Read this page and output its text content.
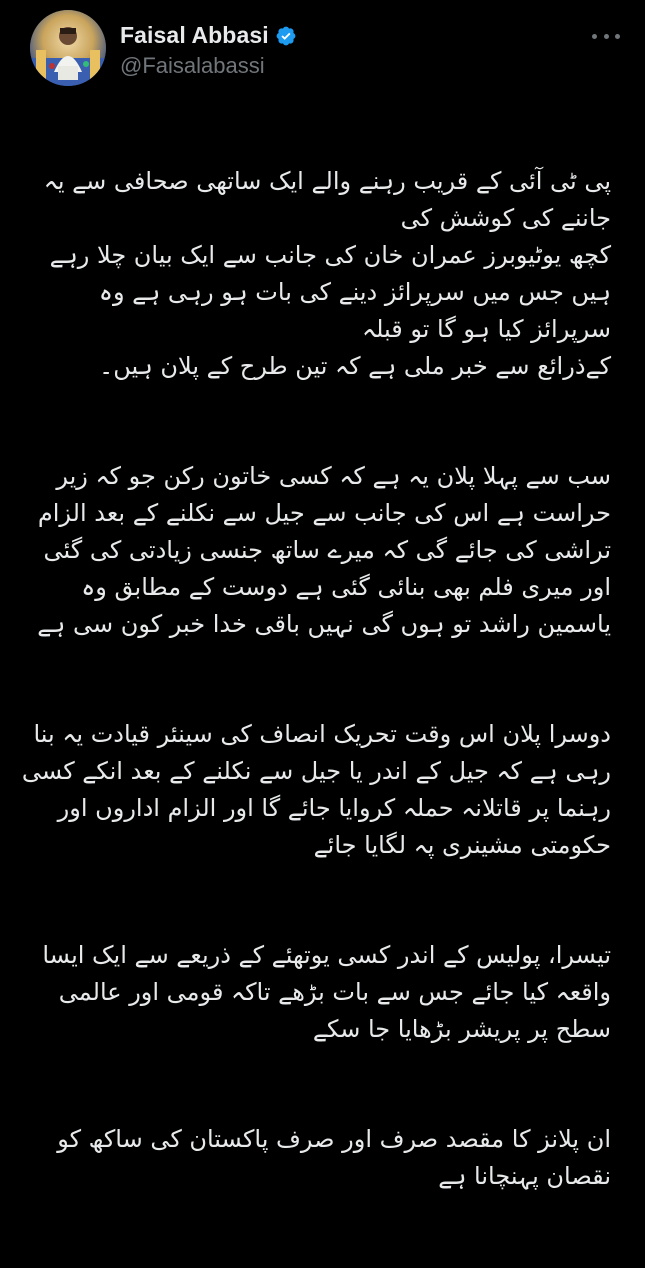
Faisal Abbasi
@Faisalabassi

پی ٹی آئی کے قریب رہنے والے ایک ساتھی صحافی سے یہ جاننے کی کوشش کی
کچھ یوٹیوبرز عمران خان کی جانب سے ایک بیان چلا رہے ہیں جس میں سرپرائز دینے کی بات ہو رہی ہے وہ سرپرائز کیا ہو گا تو قبلہ
کےذرائع سے خبر ملی ہے کہ تین طرح کے پلان ہیں۔

سب سے پہلا پلان یہ ہے کہ کسی خاتون رکن جو کہ زیر حراست ہے اس کی جانب سے جیل سے نکلنے کے بعد الزام تراشی کی جائے گی کہ میرے ساتھ جنسی زیادتی کی گئی اور میری فلم بھی بنائی گئی ہے دوست کے مطابق وہ یاسمین راشد تو ہوں گی نہیں باقی خدا خبر کون سی ہے

دوسرا پلان اس وقت تحریک انصاف کی سینئر قیادت یہ بنا رہی ہے کہ جیل کے اندر یا جیل سے نکلنے کے بعد انکے کسی رہنما پر قاتلانہ حملہ کروایا جائے گا اور الزام اداروں اور حکومتی مشینری پہ لگایا جائے

تیسرا، پولیس کے اندر کسی یوتھئے کے ذریعے سے ایک ایسا واقعہ کیا جائے جس سے بات بڑھے تاکہ قومی اور عالمی سطح پر پریشر بڑھایا جا سکے

ان پلانز کا مقصد صرف اور صرف پاکستان کی ساکھ کو نقصان پہنچانا ہے
